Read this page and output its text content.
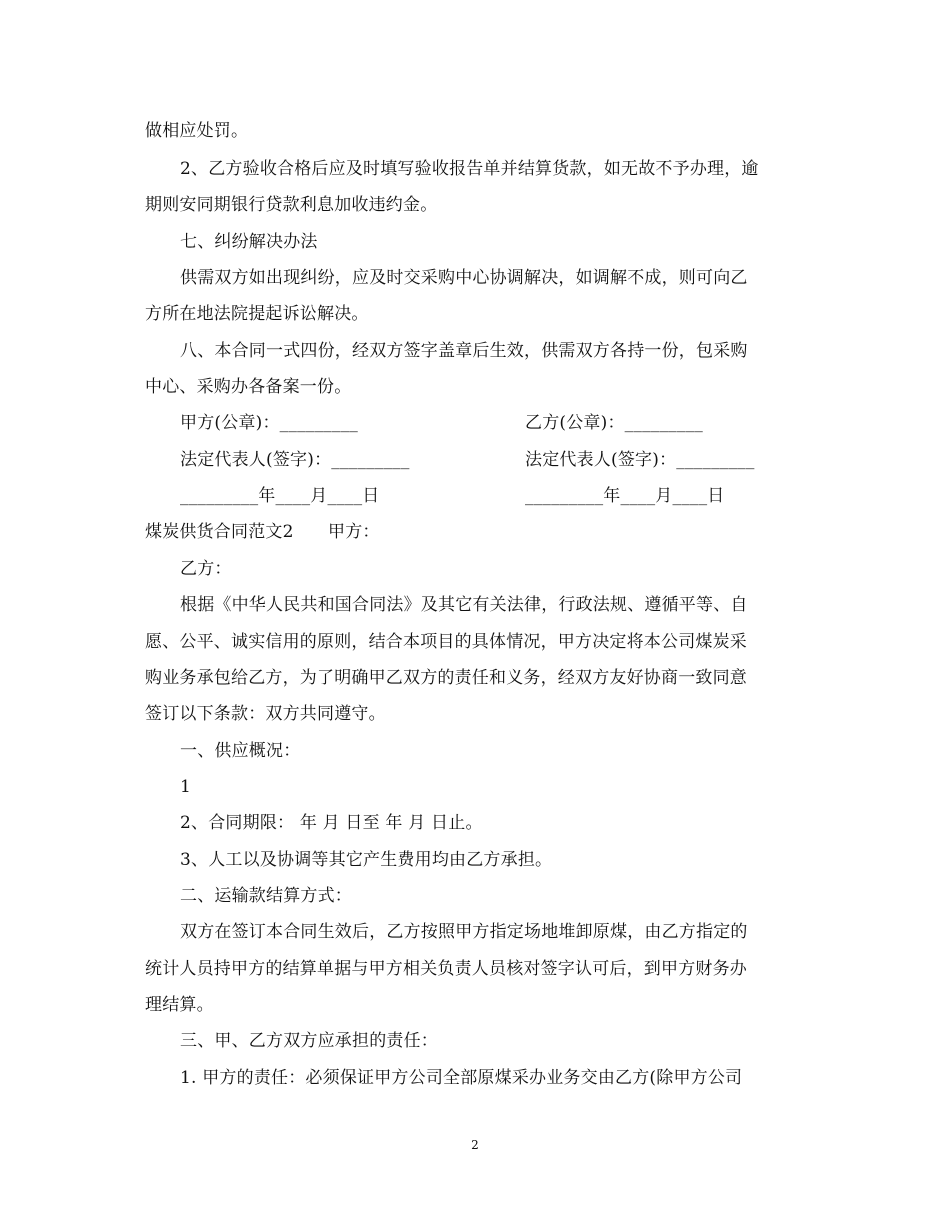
做相应处罚。
2、乙方验收合格后应及时填写验收报告单并结算货款，如无故不予办理，逾
期则安同期银行贷款利息加收违约金。
七、纠纷解决办法
供需双方如出现纠纷，应及时交采购中心协调解决，如调解不成，则可向乙
方所在地法院提起诉讼解决。
八、本合同一式四份，经双方签字盖章后生效，供需双方各持一份，包采购
中心、采购办各备案一份。
甲方(公章)：_________	乙方(公章)：_________
法定代表人(签字)：_________	法定代表人(签字)：_________
_________年____月____日	_________年____月____日
煤炭供货合同范文2　　甲方：
乙方：
根据《中华人民共和国合同法》及其它有关法律，行政法规、遵循平等、自
愿、公平、诚实信用的原则，结合本项目的具体情况，甲方决定将本公司煤炭采
购业务承包给乙方，为了明确甲乙双方的责任和义务，经双方友好协商一致同意
签订以下条款：双方共同遵守。
一、供应概况：
1
2、合同期限： 年 月 日至 年 月 日止。
3、人工以及协调等其它产生费用均由乙方承担。
二、运输款结算方式：
双方在签订本合同生效后，乙方按照甲方指定场地堆卸原煤，由乙方指定的
统计人员持甲方的结算单据与甲方相关负责人员核对签字认可后，到甲方财务办
理结算。
三、甲、乙方双方应承担的责任：
1. 甲方的责任：必须保证甲方公司全部原煤采办业务交由乙方(除甲方公司
2
